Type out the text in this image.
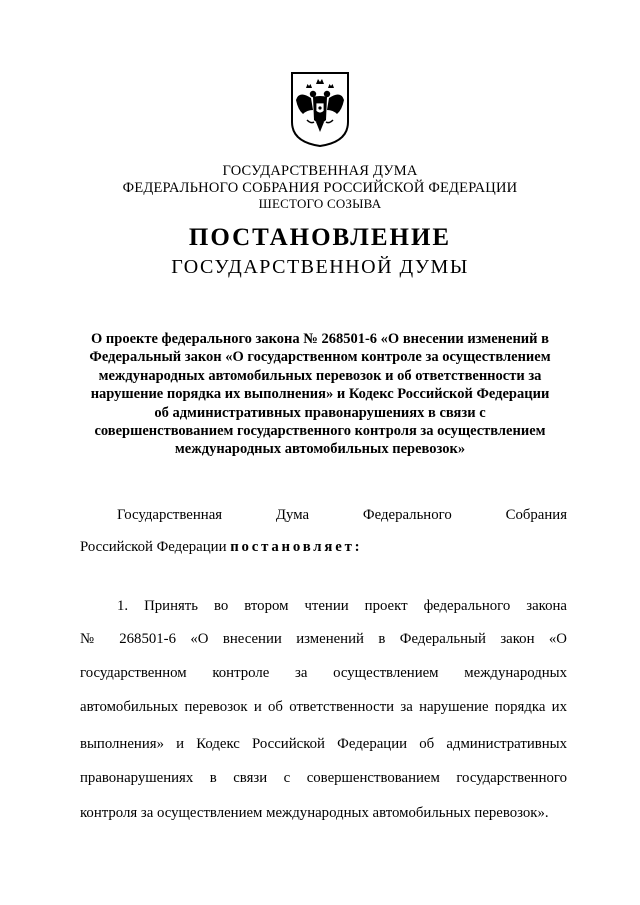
ГОСУДАРСТВЕННАЯ ДУМА
ФЕДЕРАЛЬНОГО СОБРАНИЯ РОССИЙСКОЙ ФЕДЕРАЦИИ
ШЕСТОГО СОЗЫВА
ПОСТАНОВЛЕНИЕ
ГОСУДАРСТВЕННОЙ ДУМЫ
О проекте федерального закона № 268501-6 «О внесении изменений в
Федеральный закон «О государственном контроле за осуществлением
международных автомобильных перевозок и об ответственности за
нарушение порядка их выполнения» и Кодекс Российской Федерации
об административных правонарушениях в связи с
совершенствованием государственного контроля за осуществлением
международных автомобильных перевозок»
Государственная Дума Федерального Собрания
Российской Федерации постановляет:
1. Принять во втором чтении проект федерального закона
№ 268501-6 «О внесении изменений в Федеральный закон «О
государственном контроле за осуществлением международных
автомобильных перевозок и об ответственности за нарушение порядка их
выполнения» и Кодекс Российской Федерации об административных
правонарушениях в связи с совершенствованием государственного
контроля за осуществлением международных автомобильных перевозок».
